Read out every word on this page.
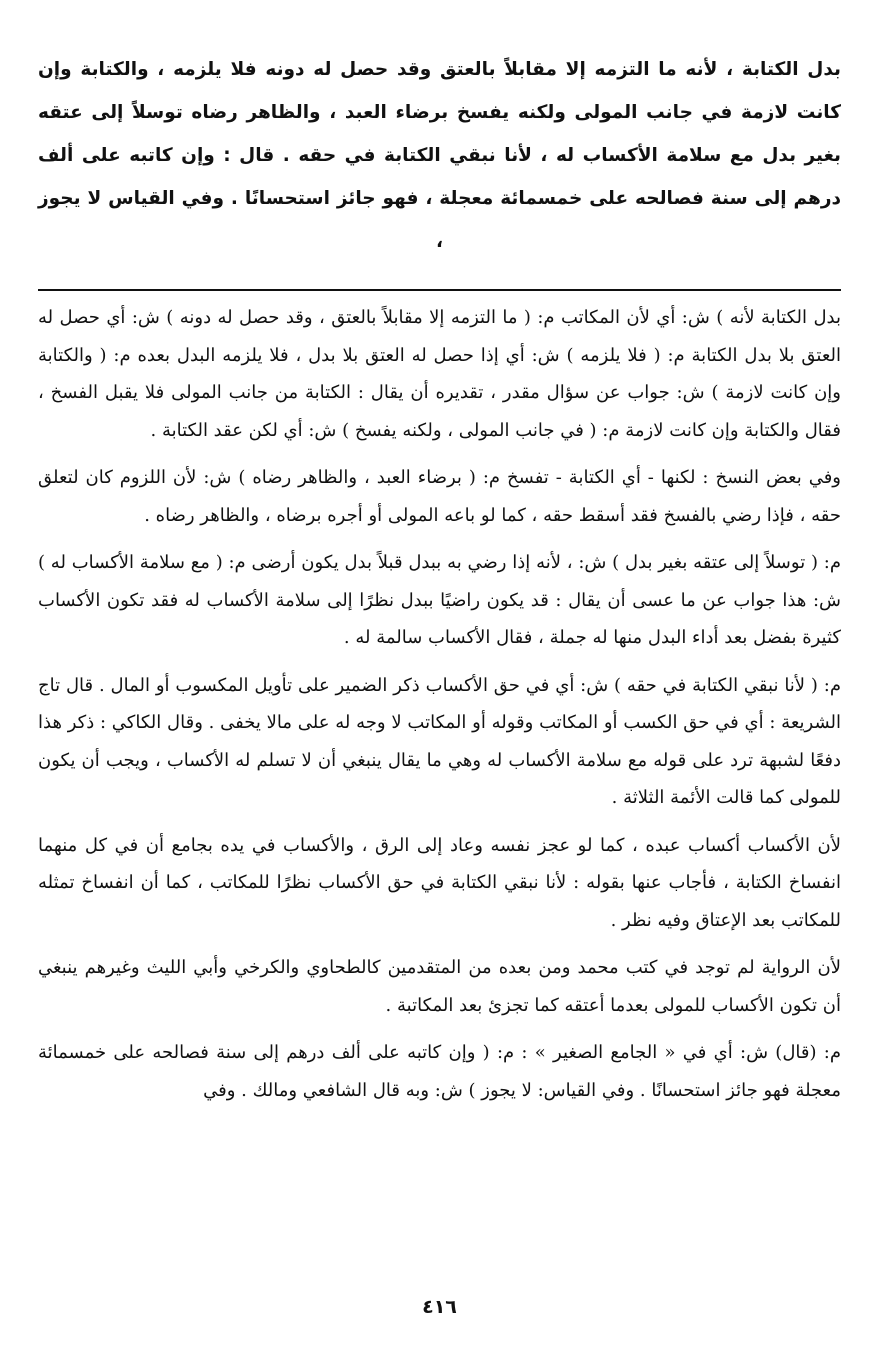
بدل الكتابة ، لأنه ما التزمه إلا مقابلاً بالعتق وقد حصل له دونه فلا يلزمه ، والكتابة وإن كانت لازمة في جانب المولى ولكنه يفسخ برضاء العبد ، والظاهر رضاه توسلاً إلى عتقه بغير بدل مع سلامة الأكساب له ، لأنا نبقي الكتابة في حقه . قال : وإن كاتبه على ألف درهم إلى سنة فصالحه على خمسمائة معجلة ، فهو جائز استحسانًا . وفي القياس لا يجوز ،

بدل الكتابة لأنه ) ش: أي لأن المكاتب م: ( ما التزمه إلا مقابلاً بالعتق ، وقد حصل له دونه ) ش: أي حصل له العتق بلا بدل الكتابة م: ( فلا يلزمه ) ش: أي إذا حصل له العتق بلا بدل ، فلا يلزمه البدل بعده م: ( والكتابة وإن كانت لازمة ) ش: جواب عن سؤال مقدر ، تقديره أن يقال : الكتابة من جانب المولى فلا يقبل الفسخ ، فقال والكتابة وإن كانت لازمة م: ( في جانب المولى ، ولكنه يفسخ ) ش: أي لكن عقد الكتابة .

وفي بعض النسخ : لكنها - أي الكتابة - تفسخ م: ( برضاء العبد ، والظاهر رضاه ) ش: لأن اللزوم كان لتعلق حقه ، فإذا رضي بالفسخ فقد أسقط حقه ، كما لو باعه المولى أو أجره برضاه ، والظاهر رضاه .

م: ( توسلاً إلى عتقه بغير بدل ) ش: ، لأنه إذا رضي به ببدل قبلاً بدل يكون أرضى م: ( مع سلامة الأكساب له ) ش: هذا جواب عن ما عسى أن يقال : قد يكون راضيًا ببدل نظرًا إلى سلامة الأكساب له فقد تكون الأكساب كثيرة بفضل بعد أداء البدل منها له جملة ، فقال الأكساب سالمة له .

م: ( لأنا نبقي الكتابة في حقه ) ش: أي في حق الأكساب ذكر الضمير على تأويل المكسوب أو المال . قال تاج الشريعة : أي في حق الكسب أو المكاتب وقوله أو المكاتب لا وجه له على مالا يخفى . وقال الكاكي : ذكر هذا دفعًا لشبهة ترد على قوله مع سلامة الأكساب له وهي ما يقال ينبغي أن لا تسلم له الأكساب ، ويجب أن يكون للمولى كما قالت الأئمة الثلاثة .

لأن الأكساب أكساب عبده ، كما لو عجز نفسه وعاد إلى الرق ، والأكساب في يده بجامع أن في كل منهما انفساخ الكتابة ، فأجاب عنها بقوله : لأنا نبقي الكتابة في حق الأكساب نظرًا للمكاتب ، كما أن انفساخ تمثله للمكاتب بعد الإعتاق وفيه نظر .

لأن الرواية لم توجد في كتب محمد ومن بعده من المتقدمين كالطحاوي والكرخي وأبي الليث وغيرهم ينبغي أن تكون الأكساب للمولى بعدما أعتقه كما تجزئ بعد المكاتبة .

م: (قال) ش: أي في « الجامع الصغير » : م: ( وإن كاتبه على ألف درهم إلى سنة فصالحه على خمسمائة معجلة فهو جائز استحسانًا . وفي القياس: لا يجوز ) ش: وبه قال الشافعي ومالك . وفي

٤١٦
